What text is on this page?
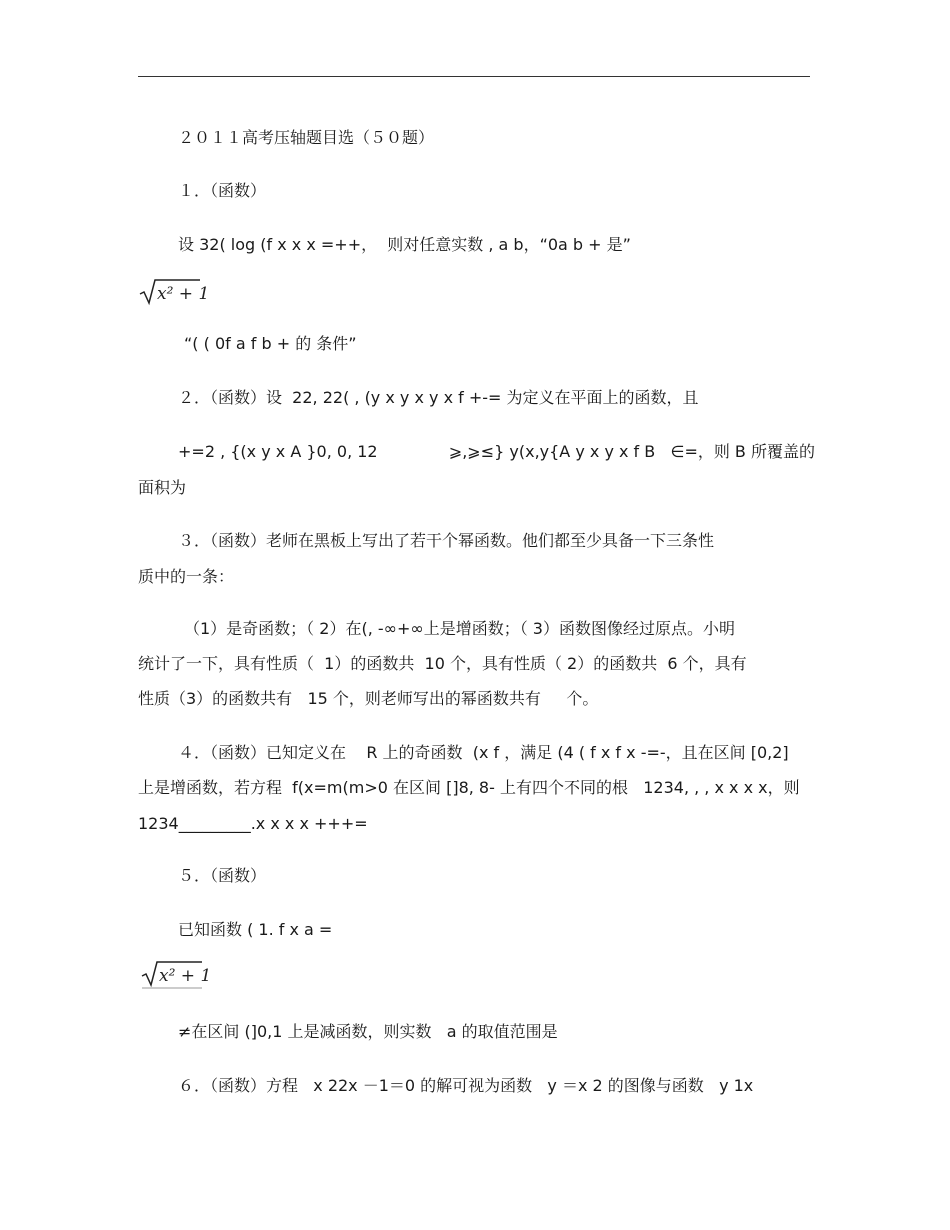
２０１１高考压轴题目选（５０题）
１．（函数）
设 32( log (f x x x =++，  则对任意实数 , a b，“0a b + 是”
x² + 1
“( ( 0f a f b + 的 条件”
２．（函数）设  22, 22( , (y x y x y x f +-= 为定义在平面上的函数，且
+=2 , {(x y x A }0, 0, 12              ⩾,⩾≤} y(x,y{A y x y x f B   ∈=，则 B 所覆盖的
面积为
３．（函数）老师在黑板上写出了若干个幂函数。他们都至少具备一下三条性
质中的一条：
（1）是奇函数；（ 2）在(, -∞+∞上是增函数；（ 3）函数图像经过原点。小明
统计了一下，具有性质（  1）的函数共  10 个，具有性质（ 2）的函数共  6 个，具有
性质（3）的函数共有   15 个，则老师写出的幂函数共有     个。
４．（函数）已知定义在    R 上的奇函数  (x f ，满足 (4 ( f x f x -=-，且在区间 [0,2]
上是增函数，若方程  f(x=m(m>0 在区间 []8, 8- 上有四个不同的根   1234, , , x x x x，则
1234_________.x x x x +++=
５．（函数）
已知函数 ( 1. f x a =
x² + 1
≠在区间 (]0,1 上是减函数，则实数   a 的取值范围是
６．（函数）方程   x 22x －1＝0 的解可视为函数   y ＝x 2 的图像与函数   y 1x
